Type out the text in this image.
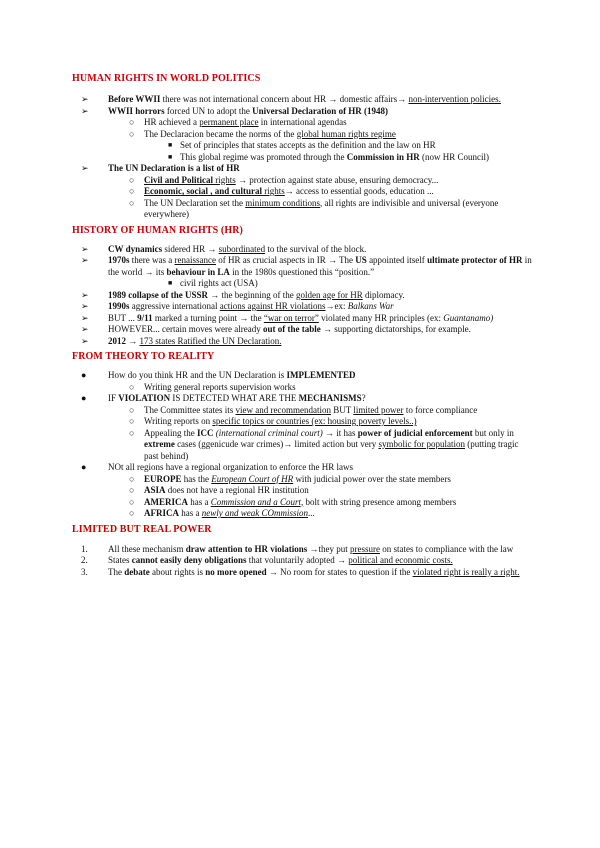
HUMAN RIGHTS IN WORLD POLITICS
➢ Before WWII there was not international concern about HR → domestic affairs→ non-intervention policies.
➢ WWII horrors forced UN to adopt the Universal Declaration of HR (1948)
○ HR achieved a permanent place in international agendas
○ The Declaracion became the norms of the global human rights regime
■ Set of principles that states accepts as the definition and the law on HR
■ This global regime was promoted through the Commission in HR (now HR Council)
➢ The UN Declaration is a list of HR
○ Civil and Political rights → protection against state abuse, ensuring democracy...
○ Economic, social , and cultural rights→ access to essential goods, education ...
○ The UN Declaration set the minimum conditions, all rights are indivisible and universal (everyone everywhere)
HISTORY OF HUMAN RIGHTS (HR)
➢ CW dynamics sidered HR → subordinated to the survival of the block.
➢ 1970s there was a renaissance of HR as crucial aspects in IR → The US appointed itself ultimate protector of HR in the world → its behaviour in LA in the 1980s questioned this “position.”
■ civil rights act (USA)
➢ 1989 collapse of the USSR → the beginning of the golden age for HR diplomacy.
➢ 1990s aggressive international actions against HR violations→ex: Balkans War
➢ BUT ... 9/11 marked a turning point → the “war on terror” violated many HR principles (ex: Guantanamo)
➢ HOWEVER... certain moves were already out of the table → supporting dictatorships, for example.
➢ 2012 → 173 states Ratified the UN Declaration.
FROM THEORY TO REALITY
● How do you think HR and the UN Declaration is IMPLEMENTED
○ Writing general reports supervision works
● IF VIOLATION IS DETECTED WHAT ARE THE MECHANISMS?
○ The Committee states its view and recommendation BUT limited power to force compliance
○ Writing reports on specific topics or countries (ex: housing poverty levels..)
○ Appealing the ICC (international criminal court) → it has power of judicial enforcement but only in extreme cases (ggenicude war crimes)→ limited action but very symbolic for population (putting tragic past behind)
● NOt all regions have a regional organization to enforce the HR laws
○ EUROPE has the European Court of HR with judicial power over the state members
○ ASIA does not have a regional HR institution
○ AMERICA has a Commission and a Court, bolt with string presence among members
○ AFRICA has a newly and weak COmmission...
LIMITED BUT REAL POWER
1. All these mechanism draw attention to HR violations →they put pressure on states to compliance with the law
2. States cannot easily deny obligations that voluntarily adopted → political and economic costs.
3. The debate about rights is no more opened → No room for states to question if the violated right is really a right.
